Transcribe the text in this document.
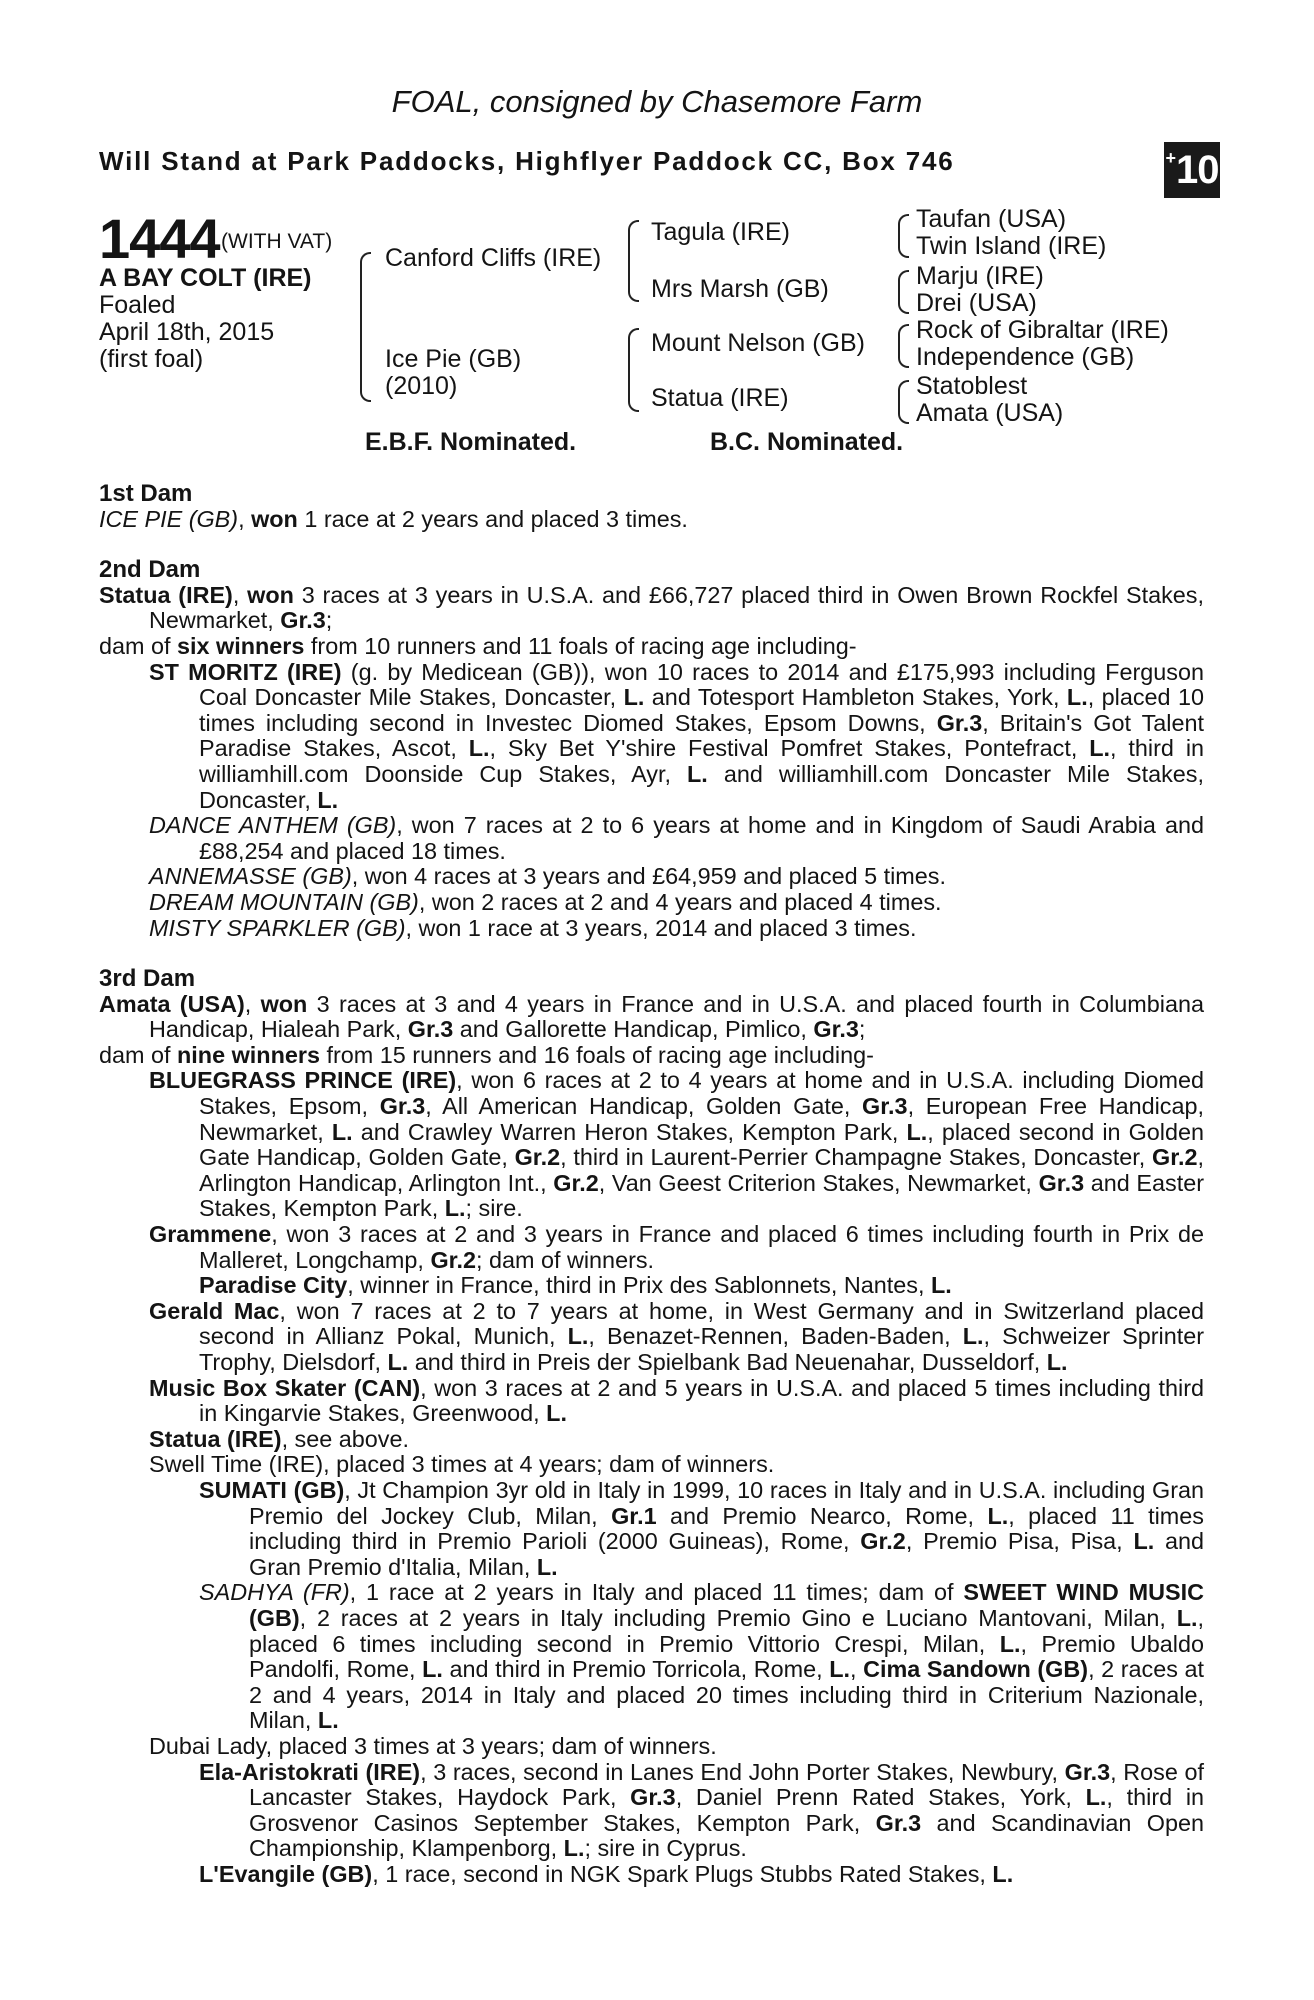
FOAL, consigned by Chasemore Farm
Will Stand at Park Paddocks, Highflyer Paddock CC, Box 746	+ 10
1444 (WITH VAT)
A BAY COLT (IRE)
Foaled
April 18th, 2015
(first foal)
Canford Cliffs (IRE)
Ice Pie (GB)
(2010)
Tagula (IRE)
Mrs Marsh (GB)
Mount Nelson (GB)
Statua (IRE)
Taufan (USA)
Twin Island (IRE)
Marju (IRE)
Drei (USA)
Rock of Gibraltar (IRE)
Independence (GB)
Statoblest
Amata (USA)
E.B.F. Nominated.	B.C. Nominated.

1st Dam

ICE PIE (GB), won 1 race at 2 years and placed 3 times.

2nd Dam

Statua (IRE), won 3 races at 3 years in U.S.A. and £66,727 placed third in Owen Brown Rockfel Stakes, Newmarket, Gr.3;

dam of six winners from 10 runners and 11 foals of racing age including-

ST MORITZ (IRE) (g. by Medicean (GB)), won 10 races to 2014 and £175,993 including Ferguson Coal Doncaster Mile Stakes, Doncaster, L. and Totesport Hambleton Stakes, York, L., placed 10 times including second in Investec Diomed Stakes, Epsom Downs, Gr.3, Britain's Got Talent Paradise Stakes, Ascot, L., Sky Bet Y'shire Festival Pomfret Stakes, Pontefract, L., third in williamhill.com Doonside Cup Stakes, Ayr, L. and williamhill.com Doncaster Mile Stakes, Doncaster, L.

DANCE ANTHEM (GB), won 7 races at 2 to 6 years at home and in Kingdom of Saudi Arabia and £88,254 and placed 18 times.

ANNEMASSE (GB), won 4 races at 3 years and £64,959 and placed 5 times.

DREAM MOUNTAIN (GB), won 2 races at 2 and 4 years and placed 4 times.

MISTY SPARKLER (GB), won 1 race at 3 years, 2014 and placed 3 times.

3rd Dam

Amata (USA), won 3 races at 3 and 4 years in France and in U.S.A. and placed fourth in Columbiana Handicap, Hialeah Park, Gr.3 and Gallorette Handicap, Pimlico, Gr.3;

dam of nine winners from 15 runners and 16 foals of racing age including-

BLUEGRASS PRINCE (IRE), won 6 races at 2 to 4 years at home and in U.S.A. including Diomed Stakes, Epsom, Gr.3, All American Handicap, Golden Gate, Gr.3, European Free Handicap, Newmarket, L. and Crawley Warren Heron Stakes, Kempton Park, L., placed second in Golden Gate Handicap, Golden Gate, Gr.2, third in Laurent-Perrier Champagne Stakes, Doncaster, Gr.2, Arlington Handicap, Arlington Int., Gr.2, Van Geest Criterion Stakes, Newmarket, Gr.3 and Easter Stakes, Kempton Park, L.; sire.

Grammene, won 3 races at 2 and 3 years in France and placed 6 times including fourth in Prix de Malleret, Longchamp, Gr.2; dam of winners.

Paradise City, winner in France, third in Prix des Sablonnets, Nantes, L.

Gerald Mac, won 7 races at 2 to 7 years at home, in West Germany and in Switzerland placed second in Allianz Pokal, Munich, L., Benazet-Rennen, Baden-Baden, L., Schweizer Sprinter Trophy, Dielsdorf, L. and third in Preis der Spielbank Bad Neuenahar, Dusseldorf, L.

Music Box Skater (CAN), won 3 races at 2 and 5 years in U.S.A. and placed 5 times including third in Kingarvie Stakes, Greenwood, L.

Statua (IRE), see above.

Swell Time (IRE), placed 3 times at 4 years; dam of winners.

SUMATI (GB), Jt Champion 3yr old in Italy in 1999, 10 races in Italy and in U.S.A. including Gran Premio del Jockey Club, Milan, Gr.1 and Premio Nearco, Rome, L., placed 11 times including third in Premio Parioli (2000 Guineas), Rome, Gr.2, Premio Pisa, Pisa, L. and Gran Premio d'Italia, Milan, L.

SADHYA (FR), 1 race at 2 years in Italy and placed 11 times; dam of SWEET WIND MUSIC (GB), 2 races at 2 years in Italy including Premio Gino e Luciano Mantovani, Milan, L., placed 6 times including second in Premio Vittorio Crespi, Milan, L., Premio Ubaldo Pandolfi, Rome, L. and third in Premio Torricola, Rome, L., Cima Sandown (GB), 2 races at 2 and 4 years, 2014 in Italy and placed 20 times including third in Criterium Nazionale, Milan, L.

Dubai Lady, placed 3 times at 3 years; dam of winners.

Ela-Aristokrati (IRE), 3 races, second in Lanes End John Porter Stakes, Newbury, Gr.3, Rose of Lancaster Stakes, Haydock Park, Gr.3, Daniel Prenn Rated Stakes, York, L., third in Grosvenor Casinos September Stakes, Kempton Park, Gr.3 and Scandinavian Open Championship, Klampenborg, L.; sire in Cyprus.

L'Evangile (GB), 1 race, second in NGK Spark Plugs Stubbs Rated Stakes, L.
